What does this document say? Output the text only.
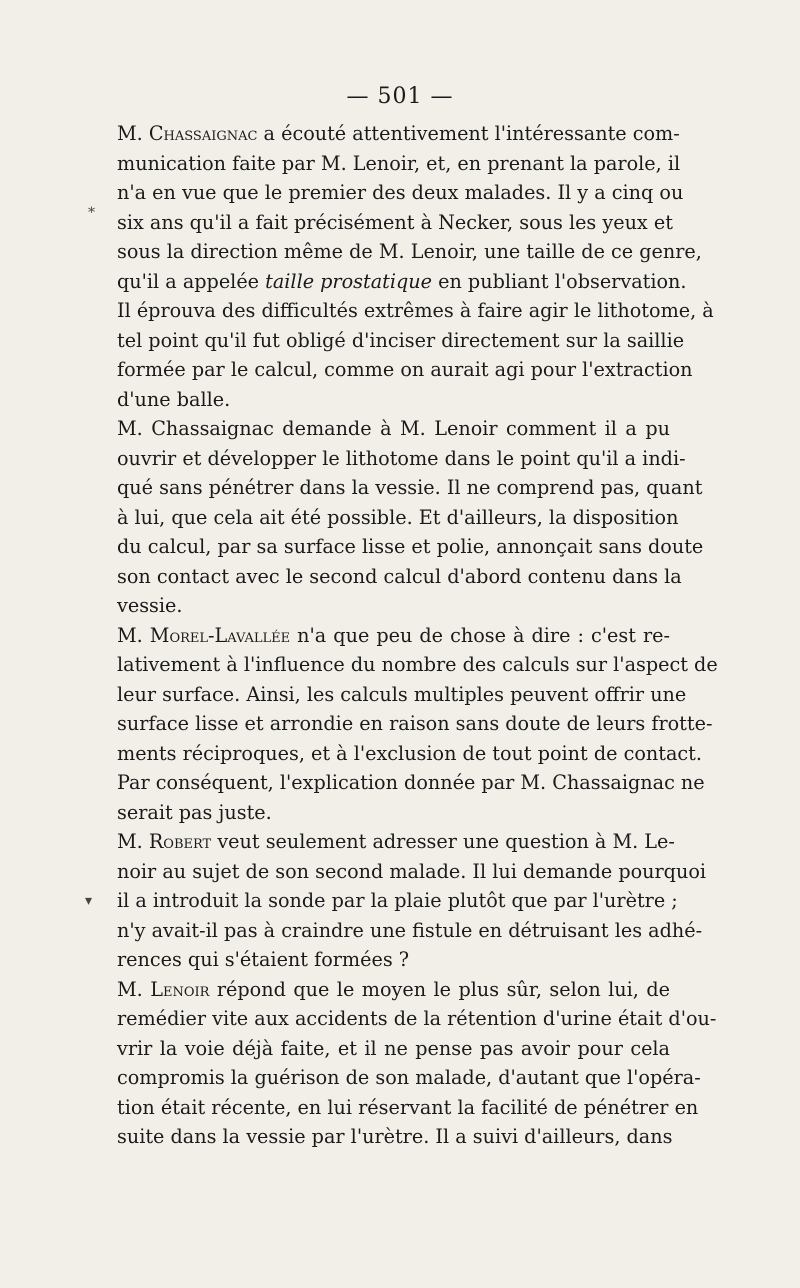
— 501 —
M. Chassaignac a écouté attentivement l'intéressante com-
munication faite par M. Lenoir, et, en prenant la parole, il
n'a en vue que le premier des deux malades. Il y a cinq ou
six ans qu'il a fait précisément à Necker, sous les yeux et
sous la direction même de M. Lenoir, une taille de ce genre,
qu'il a appelée taille prostatique en publiant l'observation.
Il éprouva des difficultés extrêmes à faire agir le lithotome, à
tel point qu'il fut obligé d'inciser directement sur la saillie
formée par le calcul, comme on aurait agi pour l'extraction
d'une balle.
M. Chassaignac demande à M. Lenoir comment il a pu
ouvrir et développer le lithotome dans le point qu'il a indi-
qué sans pénétrer dans la vessie. Il ne comprend pas, quant
à lui, que cela ait été possible. Et d'ailleurs, la disposition
du calcul, par sa surface lisse et polie, annonçait sans doute
son contact avec le second calcul d'abord contenu dans la
vessie.
M. Morel-Lavallée n'a que peu de chose à dire : c'est re-
lativement à l'influence du nombre des calculs sur l'aspect de
leur surface. Ainsi, les calculs multiples peuvent offrir une
surface lisse et arrondie en raison sans doute de leurs frotte-
ments réciproques, et à l'exclusion de tout point de contact.
Par conséquent, l'explication donnée par M. Chassaignac ne
serait pas juste.
M. Robert veut seulement adresser une question à M. Le-
noir au sujet de son second malade. Il lui demande pourquoi
il a introduit la sonde par la plaie plutôt que par l'urètre ;
n'y avait-il pas à craindre une fistule en détruisant les adhé-
rences qui s'étaient formées ?
M. Lenoir répond que le moyen le plus sûr, selon lui, de
remédier vite aux accidents de la rétention d'urine était d'ou-
vrir la voie déjà faite, et il ne pense pas avoir pour cela
compromis la guérison de son malade, d'autant que l'opéra-
tion était récente, en lui réservant la facilité de pénétrer en
suite dans la vessie par l'urètre. Il a suivi d'ailleurs, dans
*
▾
